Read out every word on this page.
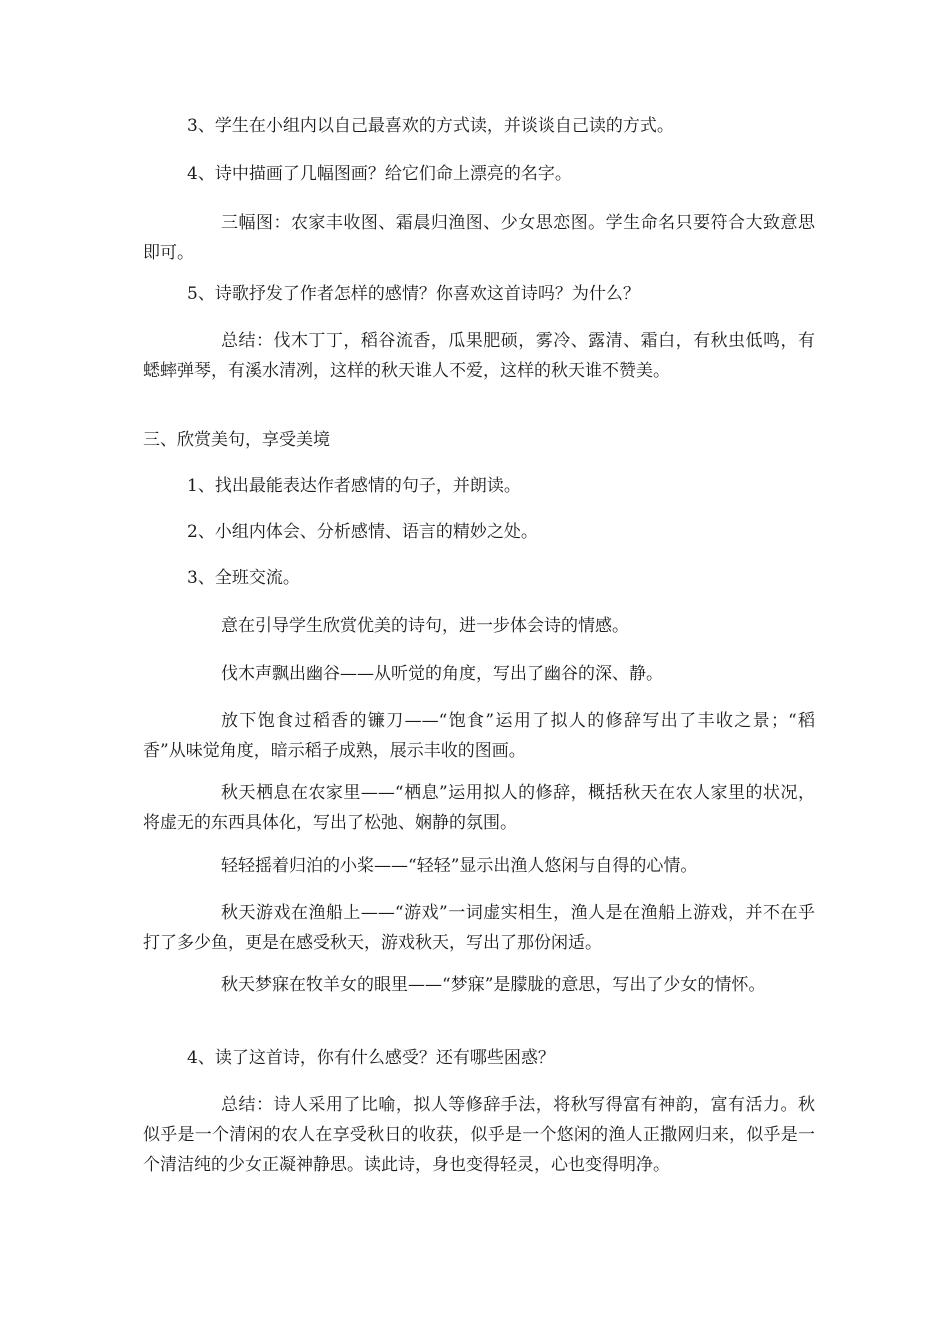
3、学生在小组内以自己最喜欢的方式读，并谈谈自己读的方式。
4、诗中描画了几幅图画？给它们命上漂亮的名字。
三幅图：农家丰收图、霜晨归渔图、少女思恋图。学生命名只要符合大致意思即可。
5、诗歌抒发了作者怎样的感情？你喜欢这首诗吗？为什么？
总结：伐木丁丁，稻谷流香，瓜果肥硕，雾冷、露清、霜白，有秋虫低鸣，有蟋蟀弹琴，有溪水清冽，这样的秋天谁人不爱，这样的秋天谁不赞美。
三、欣赏美句，享受美境
1、找出最能表达作者感情的句子，并朗读。
2、小组内体会、分析感情、语言的精妙之处。
3、全班交流。
意在引导学生欣赏优美的诗句，进一步体会诗的情感。
伐木声飘出幽谷——从听觉的角度，写出了幽谷的深、静。
放下饱食过稻香的镰刀——“饱食”运用了拟人的修辞写出了丰收之景；“稻香”从味觉角度，暗示稻子成熟，展示丰收的图画。
秋天栖息在农家里——“栖息”运用拟人的修辞，概括秋天在农人家里的状况，将虚无的东西具体化，写出了松弛、娴静的氛围。
轻轻摇着归泊的小桨——“轻轻”显示出渔人悠闲与自得的心情。
秋天游戏在渔船上——“游戏”一词虚实相生，渔人是在渔船上游戏，并不在乎打了多少鱼，更是在感受秋天，游戏秋天，写出了那份闲适。
秋天梦寐在牧羊女的眼里——“梦寐”是朦胧的意思，写出了少女的情怀。
4、读了这首诗，你有什么感受？还有哪些困惑？
总结：诗人采用了比喻，拟人等修辞手法，将秋写得富有神韵，富有活力。秋似乎是一个清闲的农人在享受秋日的收获，似乎是一个悠闲的渔人正撒网归来，似乎是一个清洁纯的少女正凝神静思。读此诗，身也变得轻灵，心也变得明净。
